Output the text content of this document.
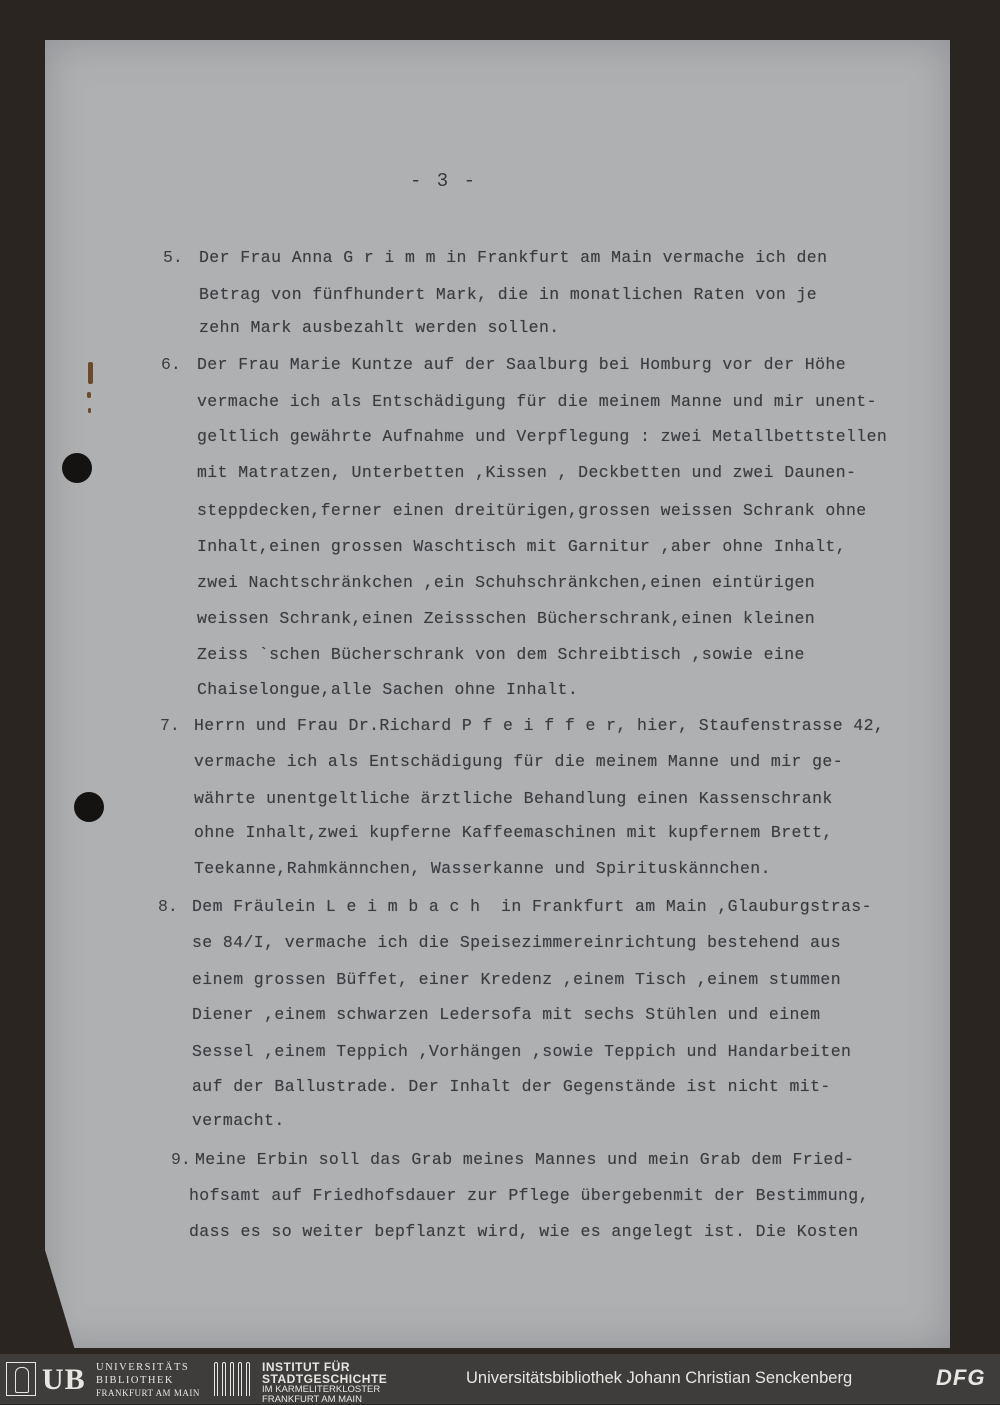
- 3 -
5. Der Frau Anna G r i m m in Frankfurt am Main vermache ich den
Betrag von fünfhundert Mark, die in monatlichen Raten von je
zehn Mark ausbezahlt werden sollen.
6. Der Frau Marie Kuntze auf der Saalburg bei Homburg vor der Höhe
vermache ich als Entschädigung für die meinem Manne und mir unent-
geltlich gewährte Aufnahme und Verpflegung : zwei Metallbettstellen
mit Matratzen, Unterbetten ,Kissen , Deckbetten und zwei Daunen-
steppdecken,ferner einen dreitürigen,grossen weissen Schrank ohne
Inhalt,einen grossen Waschtisch mit Garnitur ,aber ohne Inhalt,
zwei Nachtschränkchen ,ein Schuhschränkchen,einen eintürigen
weissen Schrank,einen Zeissschen Bücherschrank,einen kleinen
Zeiss `schen Bücherschrank von dem Schreibtisch ,sowie eine
Chaiselongue,alle Sachen ohne Inhalt.
7. Herrn und Frau Dr.Richard P f e i f f e r, hier, Staufenstrasse 42,
vermache ich als Entschädigung für die meinem Manne und mir ge-
währte unentgeltliche ärztliche Behandlung einen Kassenschrank
ohne Inhalt,zwei kupferne Kaffeemaschinen mit kupfernem Brett,
Teekanne,Rahmkännchen, Wasserkanne und Spirituskännchen.
8. Dem Fräulein L e i m b a c h  in Frankfurt am Main ,Glauburgstras-
se 84/I, vermache ich die Speisezimmereinrichtung bestehend aus
einem grossen Büffet, einer Kredenz ,einem Tisch ,einem stummen
Diener ,einem schwarzen Ledersofa mit sechs Stühlen und einem
Sessel ,einem Teppich ,Vorhängen ,sowie Teppich und Handarbeiten
auf der Ballustrade. Der Inhalt der Gegenstände ist nicht mit-
vermacht.
9. Meine Erbin soll das Grab meines Mannes und mein Grab dem Fried-
hofsamt auf Friedhofsdauer zur Pflege übergebenmit der Bestimmung,
dass es so weiter bepflanzt wird, wie es angelegt ist. Die Kosten
UB UNIVERSITÄTS
BIBLIOTHEK
FRANKFURT AM MAIN
INSTITUT FÜR
STADTGESCHICHTE
IM KARMELITERKLOSTER
FRANKFURT AM MAIN
Universitätsbibliothek Johann Christian Senckenberg	DFG
